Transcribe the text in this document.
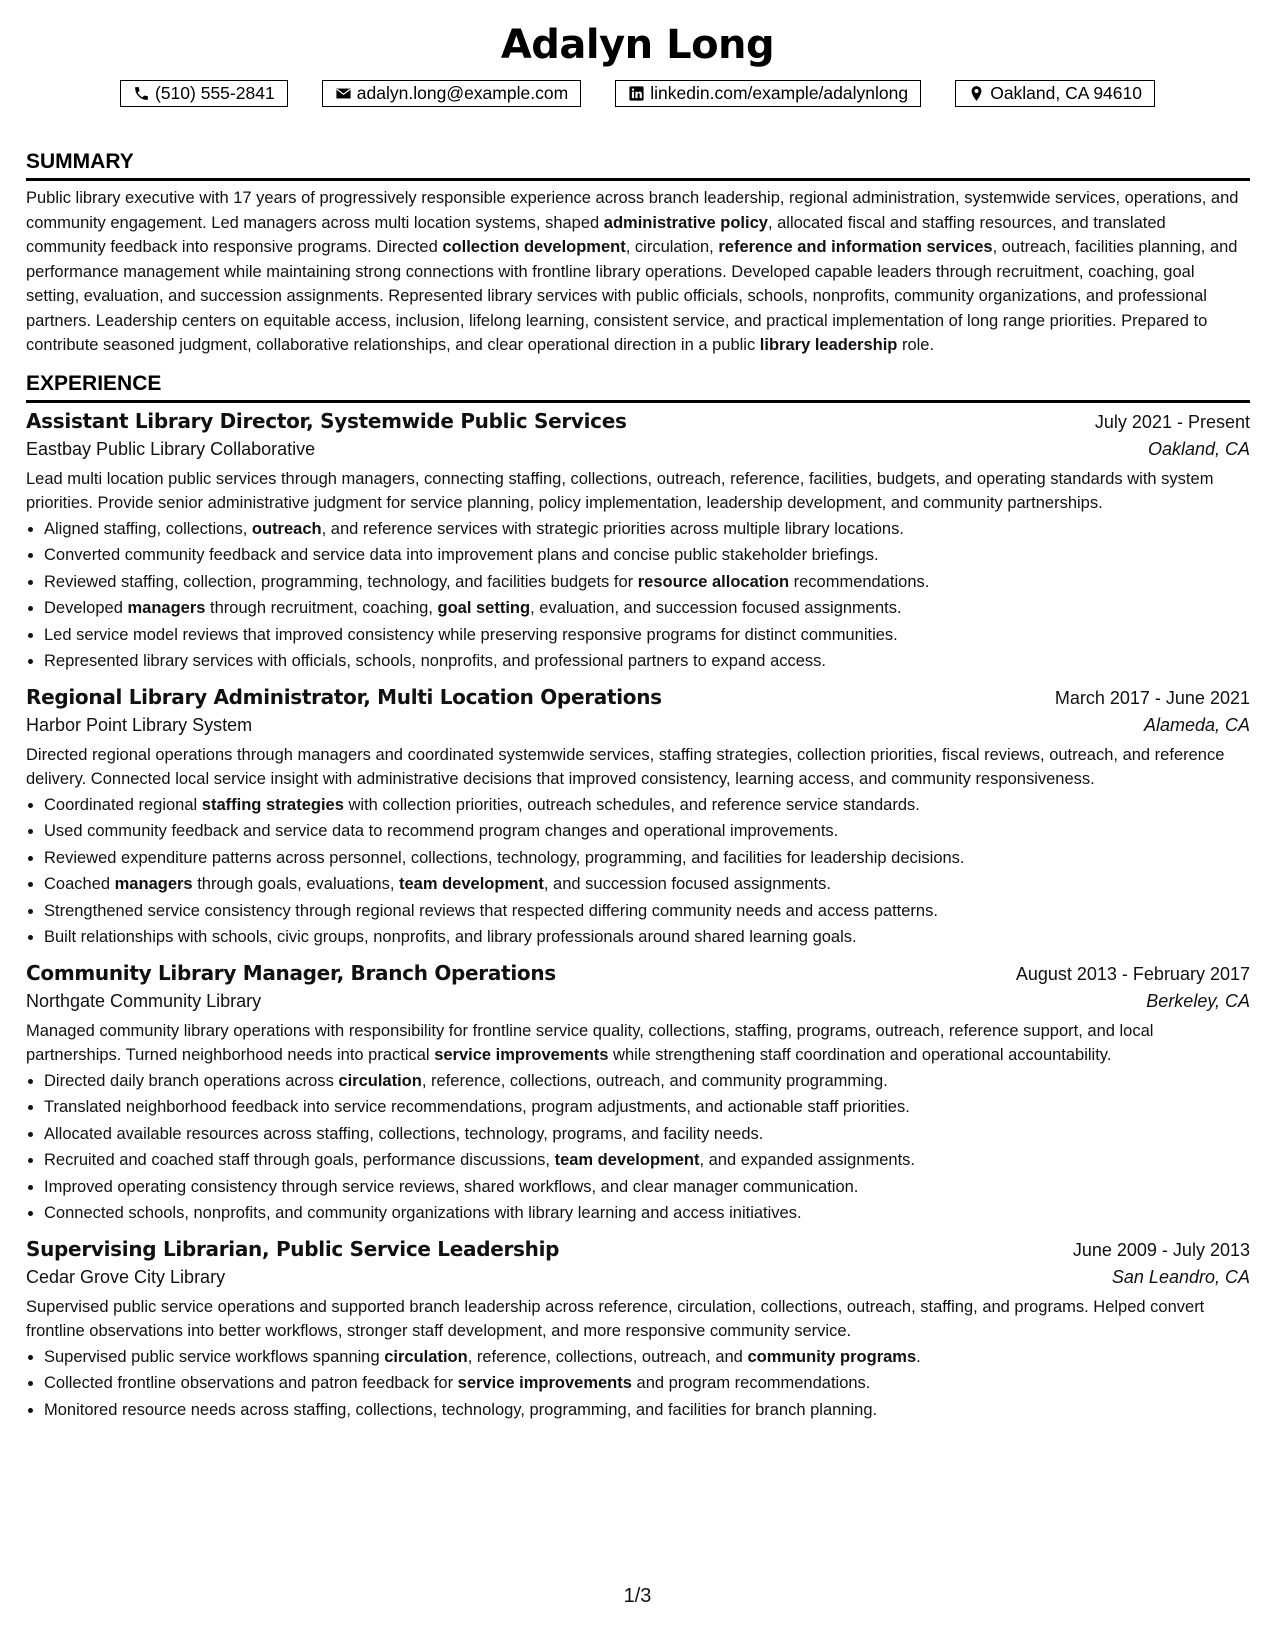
Adalyn Long
(510) 555-2841	adalyn.long@example.com	linkedin.com/example/adalynlong	Oakland, CA 94610
SUMMARY
Public library executive with 17 years of progressively responsible experience across branch leadership, regional administration, systemwide services, operations, and community engagement. Led managers across multi location systems, shaped administrative policy, allocated fiscal and staffing resources, and translated community feedback into responsive programs. Directed collection development, circulation, reference and information services, outreach, facilities planning, and performance management while maintaining strong connections with frontline library operations. Developed capable leaders through recruitment, coaching, goal setting, evaluation, and succession assignments. Represented library services with public officials, schools, nonprofits, community organizations, and professional partners. Leadership centers on equitable access, inclusion, lifelong learning, consistent service, and practical implementation of long range priorities. Prepared to contribute seasoned judgment, collaborative relationships, and clear operational direction in a public library leadership role.
EXPERIENCE
Assistant Library Director, Systemwide Public Services	July 2021 - Present
Eastbay Public Library Collaborative	Oakland, CA
Lead multi location public services through managers, connecting staffing, collections, outreach, reference, facilities, budgets, and operating standards with system priorities. Provide senior administrative judgment for service planning, policy implementation, leadership development, and community partnerships.
• Aligned staffing, collections, outreach, and reference services with strategic priorities across multiple library locations.
• Converted community feedback and service data into improvement plans and concise public stakeholder briefings.
• Reviewed staffing, collection, programming, technology, and facilities budgets for resource allocation recommendations.
• Developed managers through recruitment, coaching, goal setting, evaluation, and succession focused assignments.
• Led service model reviews that improved consistency while preserving responsive programs for distinct communities.
• Represented library services with officials, schools, nonprofits, and professional partners to expand access.
Regional Library Administrator, Multi Location Operations	March 2017 - June 2021
Harbor Point Library System	Alameda, CA
Directed regional operations through managers and coordinated systemwide services, staffing strategies, collection priorities, fiscal reviews, outreach, and reference delivery. Connected local service insight with administrative decisions that improved consistency, learning access, and community responsiveness.
• Coordinated regional staffing strategies with collection priorities, outreach schedules, and reference service standards.
• Used community feedback and service data to recommend program changes and operational improvements.
• Reviewed expenditure patterns across personnel, collections, technology, programming, and facilities for leadership decisions.
• Coached managers through goals, evaluations, team development, and succession focused assignments.
• Strengthened service consistency through regional reviews that respected differing community needs and access patterns.
• Built relationships with schools, civic groups, nonprofits, and library professionals around shared learning goals.
Community Library Manager, Branch Operations	August 2013 - February 2017
Northgate Community Library	Berkeley, CA
Managed community library operations with responsibility for frontline service quality, collections, staffing, programs, outreach, reference support, and local partnerships. Turned neighborhood needs into practical service improvements while strengthening staff coordination and operational accountability.
• Directed daily branch operations across circulation, reference, collections, outreach, and community programming.
• Translated neighborhood feedback into service recommendations, program adjustments, and actionable staff priorities.
• Allocated available resources across staffing, collections, technology, programs, and facility needs.
• Recruited and coached staff through goals, performance discussions, team development, and expanded assignments.
• Improved operating consistency through service reviews, shared workflows, and clear manager communication.
• Connected schools, nonprofits, and community organizations with library learning and access initiatives.
Supervising Librarian, Public Service Leadership	June 2009 - July 2013
Cedar Grove City Library	San Leandro, CA
Supervised public service operations and supported branch leadership across reference, circulation, collections, outreach, staffing, and programs. Helped convert frontline observations into better workflows, stronger staff development, and more responsive community service.
• Supervised public service workflows spanning circulation, reference, collections, outreach, and community programs.
• Collected frontline observations and patron feedback for service improvements and program recommendations.
• Monitored resource needs across staffing, collections, technology, programming, and facilities for branch planning.
1/3
